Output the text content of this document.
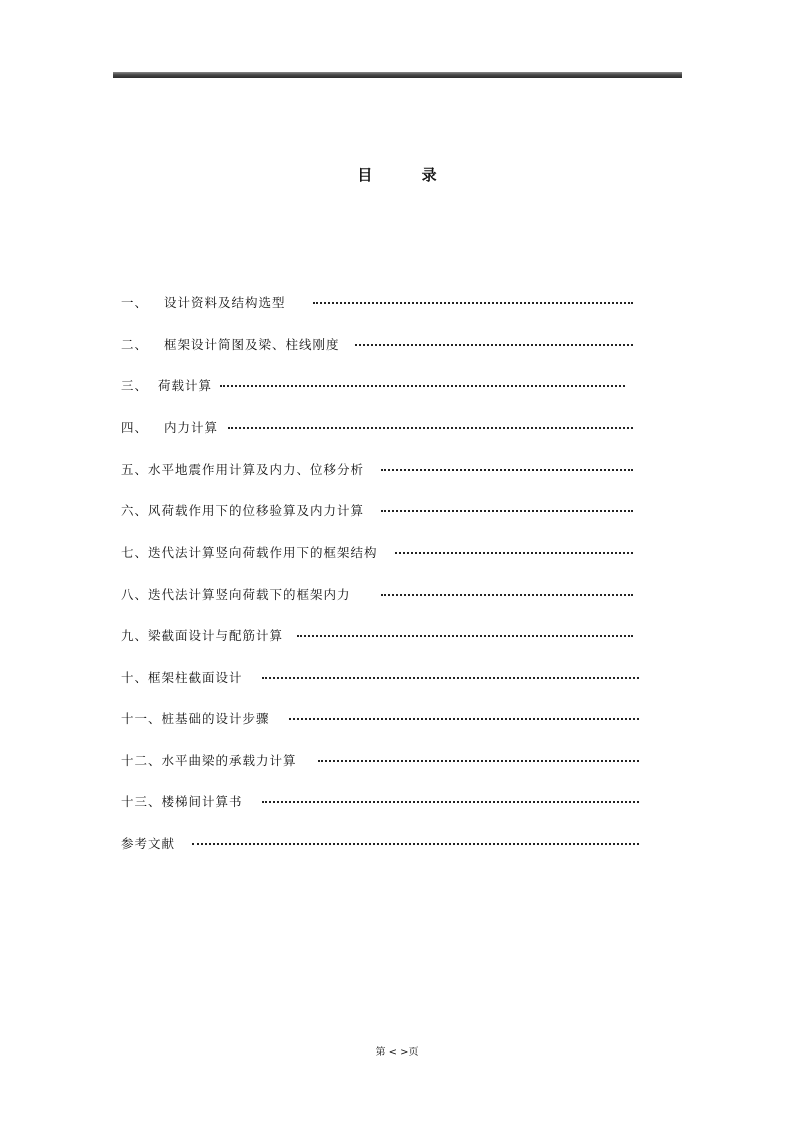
目 录
一、 设计资料及结构选型
二、 框架设计简图及梁、柱线刚度
三、 荷载计算
四、 内力计算
五、水平地震作用计算及内力、位移分析
六、风荷载作用下的位移验算及内力计算
七、迭代法计算竖向荷载作用下的框架结构
八、迭代法计算竖向荷载下的框架内力
九、梁截面设计与配筋计算
十、框架柱截面设计
十一、桩基础的设计步骤
十二、水平曲梁的承载力计算
十三、楼梯间计算书
参考文献
第 < >页
